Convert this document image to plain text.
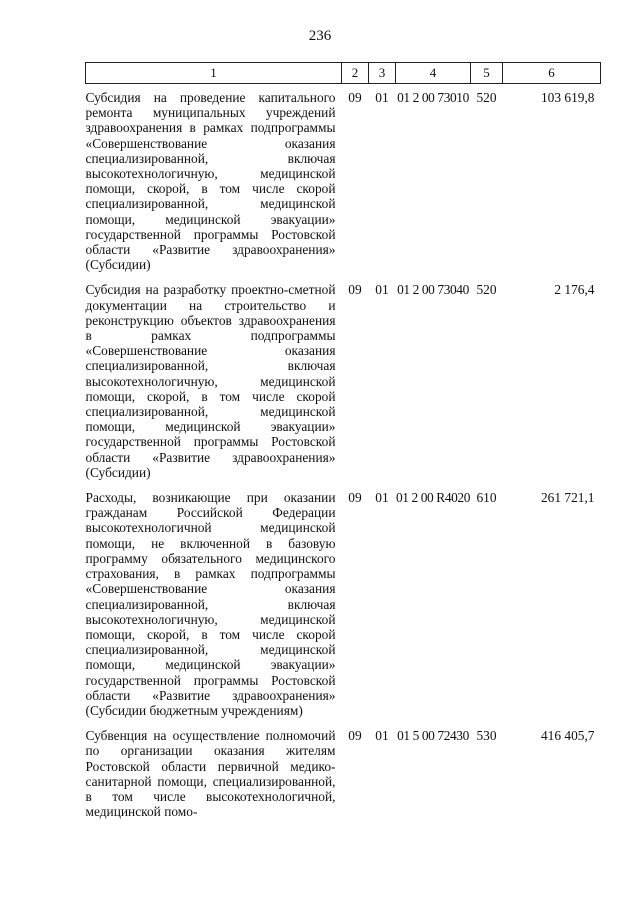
236
1	2	3	4	5	6

Субсидия на проведение капитального ремонта муниципальных учреждений здравоохранения в рамках подпрограммы «Совершенствование оказания специализированной, включая высокотехнологичную, медицинской помощи, скорой, в том числе скорой специализированной, медицинской помощи, медицинской эвакуации» государственной программы Ростовской области «Развитие здравоохранения» (Субсидии)	09	01	01 2 00 73010	520	103 619,8
Субсидия на разработку проектно-сметной документации на строительство и реконструкцию объектов здравоохранения в рамках подпрограммы «Совершенствование оказания специализированной, включая высокотехнологичную, медицинской помощи, скорой, в том числе скорой специализированной, медицинской помощи, медицинской эвакуации» государственной программы Ростовской области «Развитие здравоохранения» (Субсидии)	09	01	01 2 00 73040	520	2 176,4
Расходы, возникающие при оказании гражданам Российской Федерации высокотехнологичной медицинской помощи, не включенной в базовую программу обязательного медицинского страхования, в рамках подпрограммы «Совершенствование оказания специализированной, включая высокотехнологичную, медицинской помощи, скорой, в том числе скорой специализированной, медицинской помощи, медицинской эвакуации» государственной программы Ростовской области «Развитие здравоохранения» (Субсидии бюджетным учреждениям)	09	01	01 2 00 R4020	610	261 721,1
Субвенция на осуществление полномочий по организации оказания жителям Ростовской области первичной медико-санитарной помощи, специализированной, в том числе высокотехнологичной, медицинской помо-	09	01	01 5 00 72430	530	416 405,7
